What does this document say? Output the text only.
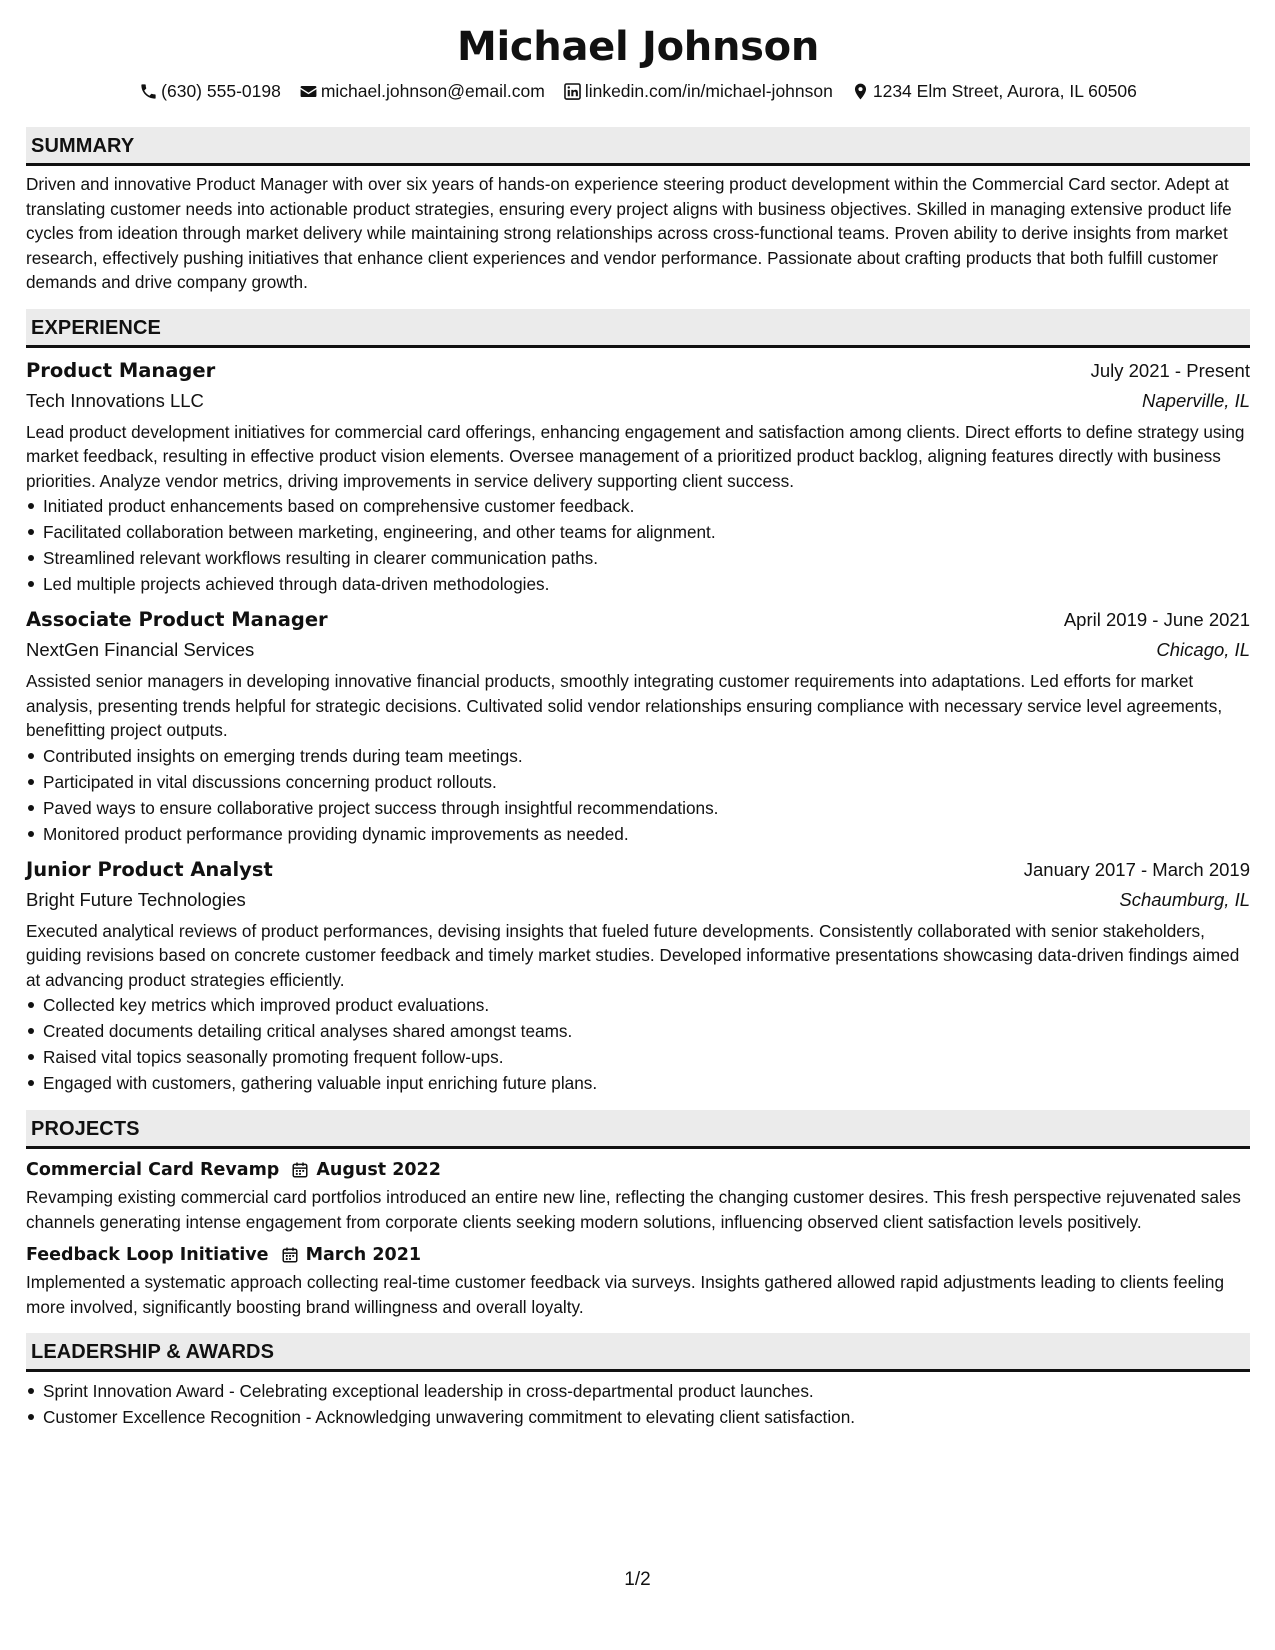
Michael Johnson
(630) 555-0198 michael.johnson@email.com linkedin.com/in/michael-johnson 1234 Elm Street, Aurora, IL 60506
SUMMARY
Driven and innovative Product Manager with over six years of hands-on experience steering product development within the Commercial Card sector. Adept at translating customer needs into actionable product strategies, ensuring every project aligns with business objectives. Skilled in managing extensive product life cycles from ideation through market delivery while maintaining strong relationships across cross-functional teams. Proven ability to derive insights from market research, effectively pushing initiatives that enhance client experiences and vendor performance. Passionate about crafting products that both fulfill customer demands and drive company growth.
EXPERIENCE
Product Manager	July 2021 - Present
Tech Innovations LLC	Naperville, IL
Lead product development initiatives for commercial card offerings, enhancing engagement and satisfaction among clients. Direct efforts to define strategy using market feedback, resulting in effective product vision elements. Oversee management of a prioritized product backlog, aligning features directly with business priorities. Analyze vendor metrics, driving improvements in service delivery supporting client success.
Initiated product enhancements based on comprehensive customer feedback.
Facilitated collaboration between marketing, engineering, and other teams for alignment.
Streamlined relevant workflows resulting in clearer communication paths.
Led multiple projects achieved through data-driven methodologies.
Associate Product Manager	April 2019 - June 2021
NextGen Financial Services	Chicago, IL
Assisted senior managers in developing innovative financial products, smoothly integrating customer requirements into adaptations. Led efforts for market analysis, presenting trends helpful for strategic decisions. Cultivated solid vendor relationships ensuring compliance with necessary service level agreements, benefitting project outputs.
Contributed insights on emerging trends during team meetings.
Participated in vital discussions concerning product rollouts.
Paved ways to ensure collaborative project success through insightful recommendations.
Monitored product performance providing dynamic improvements as needed.
Junior Product Analyst	January 2017 - March 2019
Bright Future Technologies	Schaumburg, IL
Executed analytical reviews of product performances, devising insights that fueled future developments. Consistently collaborated with senior stakeholders, guiding revisions based on concrete customer feedback and timely market studies. Developed informative presentations showcasing data-driven findings aimed at advancing product strategies efficiently.
Collected key metrics which improved product evaluations.
Created documents detailing critical analyses shared amongst teams.
Raised vital topics seasonally promoting frequent follow-ups.
Engaged with customers, gathering valuable input enriching future plans.
PROJECTS
Commercial Card Revamp August 2022
Revamping existing commercial card portfolios introduced an entire new line, reflecting the changing customer desires. This fresh perspective rejuvenated sales channels generating intense engagement from corporate clients seeking modern solutions, influencing observed client satisfaction levels positively.
Feedback Loop Initiative March 2021
Implemented a systematic approach collecting real-time customer feedback via surveys. Insights gathered allowed rapid adjustments leading to clients feeling more involved, significantly boosting brand willingness and overall loyalty.
LEADERSHIP & AWARDS
Sprint Innovation Award - Celebrating exceptional leadership in cross-departmental product launches.
Customer Excellence Recognition - Acknowledging unwavering commitment to elevating client satisfaction.
1/2
